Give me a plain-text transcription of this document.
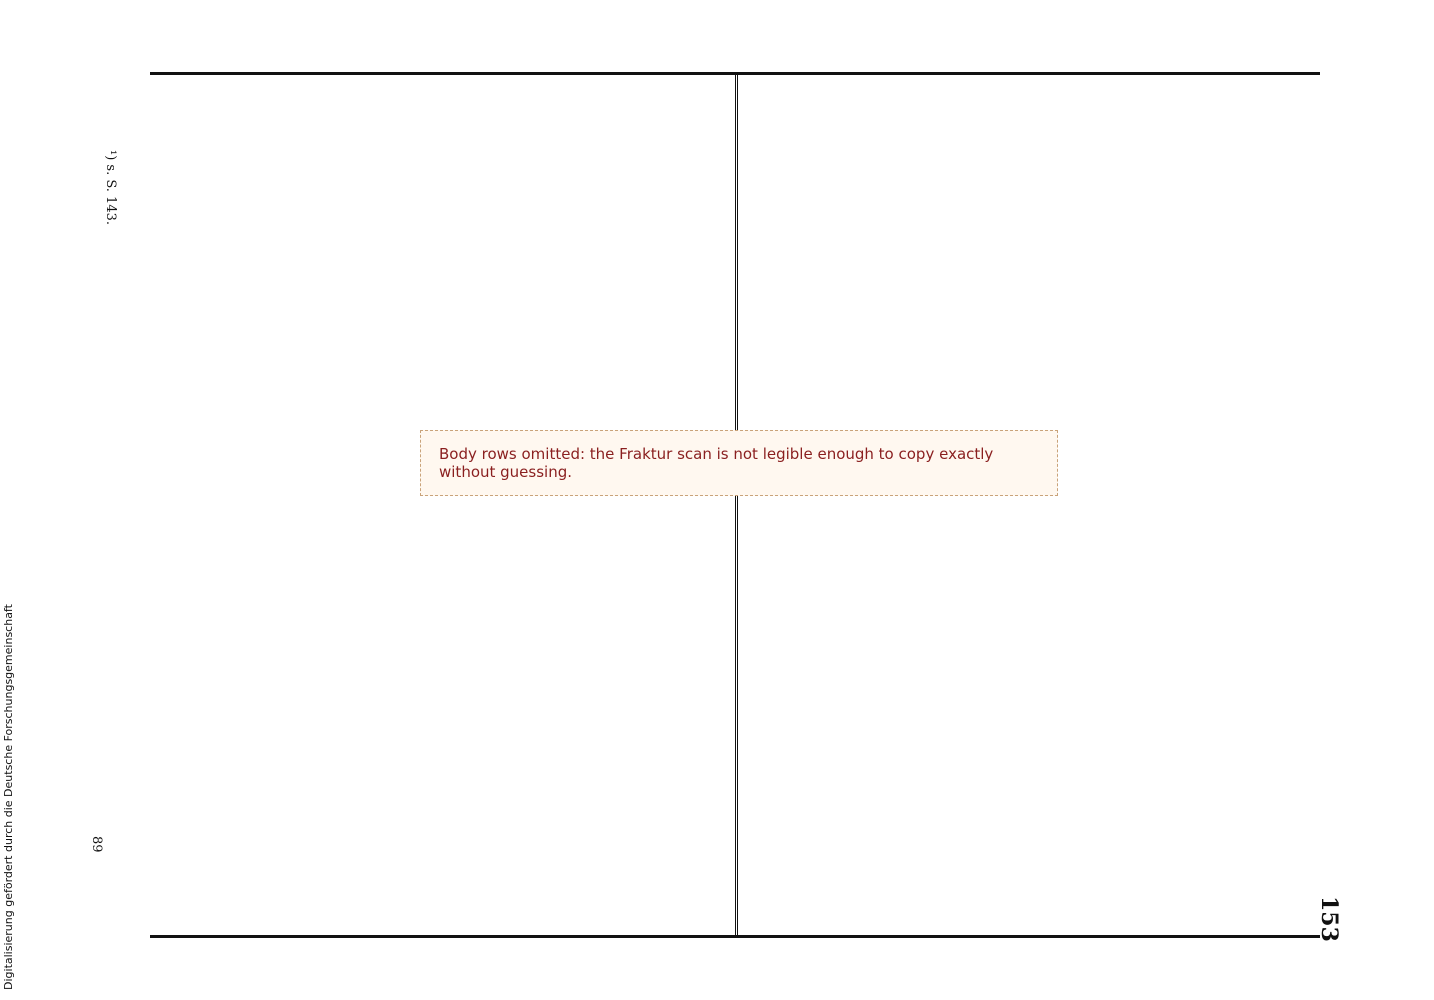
153
¹) s. S. 143.
89
Digitalisierung gefördert durch die Deutsche Forschungsgemeinschaft
Body rows omitted: the Fraktur scan is not legible enough to copy exactly without guessing.
